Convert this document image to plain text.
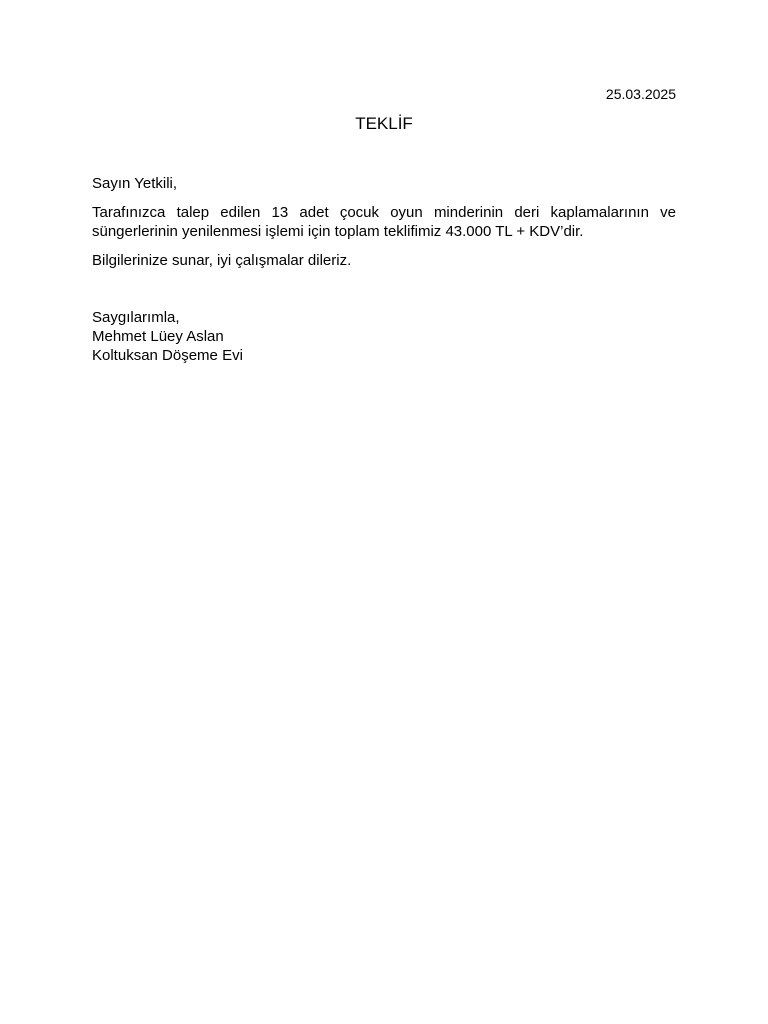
25.03.2025
TEKLİF

Sayın Yetkili,

Tarafınızca talep edilen 13 adet çocuk oyun minderinin deri kaplamalarının ve süngerlerinin yenilenmesi işlemi için toplam teklifimiz 43.000 TL + KDV’dir.

Bilgilerinize sunar, iyi çalışmalar dileriz.

Saygılarımla,
Mehmet Lüey Aslan
Koltuksan Döşeme Evi
